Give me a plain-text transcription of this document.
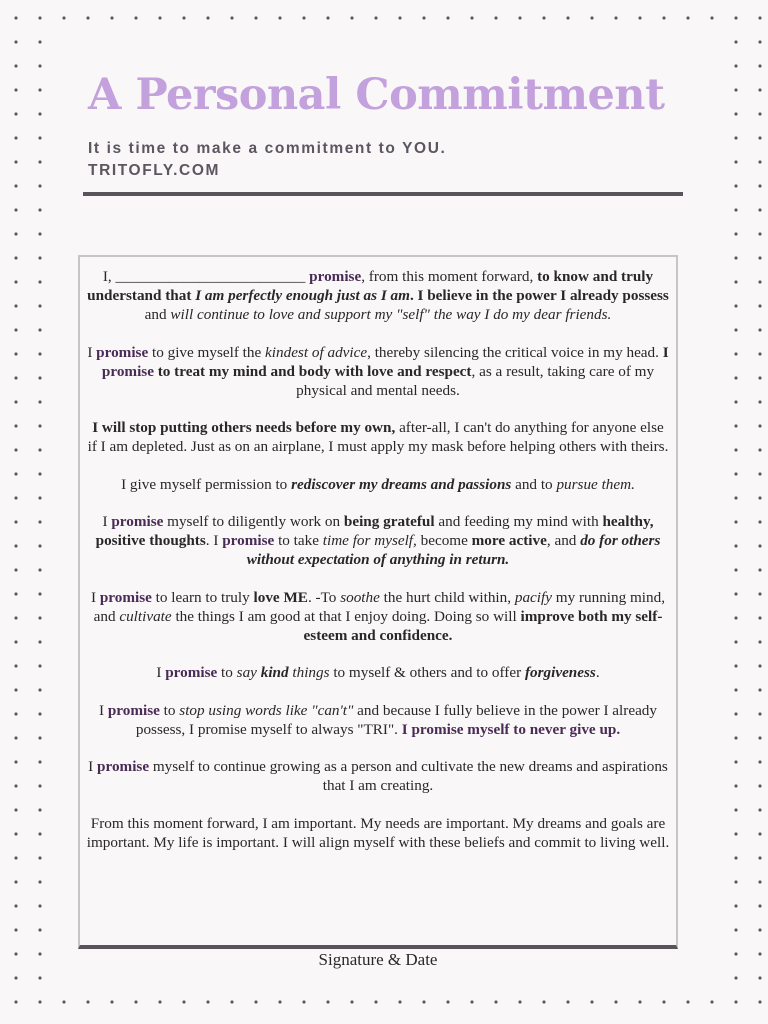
A Personal Commitment

It is time to make a commitment to YOU.

TRITOFLY.COM

I, _________________________ promise, from this moment forward, to know and truly understand that I am perfectly enough just as I am. I believe in the power I already possess and will continue to love and support my "self" the way I do my dear friends.

I promise to give myself the kindest of advice, thereby silencing the critical voice in my head. I promise to treat my mind and body with love and respect, as a result, taking care of my physical and mental needs.

I will stop putting others needs before my own, after-all, I can't do anything for anyone else if I am depleted. Just as on an airplane, I must apply my mask before helping others with theirs.

I give myself permission to rediscover my dreams and passions and to pursue them.

I promise myself to diligently work on being grateful and feeding my mind with healthy, positive thoughts. I promise to take time for myself, become more active, and do for others without expectation of anything in return.

I promise to learn to truly love ME. -To soothe the hurt child within, pacify my running mind, and cultivate the things I am good at that I enjoy doing. Doing so will improve both my self-esteem and confidence.

I promise to say kind things to myself & others and to offer forgiveness.

I promise to stop using words like "can't" and because I fully believe in the power I already possess, I promise myself to always "TRI". I promise myself to never give up.

I promise myself to continue growing as a person and cultivate the new dreams and aspirations that I am creating.

From this moment forward, I am important. My needs are important. My dreams and goals are important. My life is important. I will align myself with these beliefs and commit to living well.

Signature & Date
